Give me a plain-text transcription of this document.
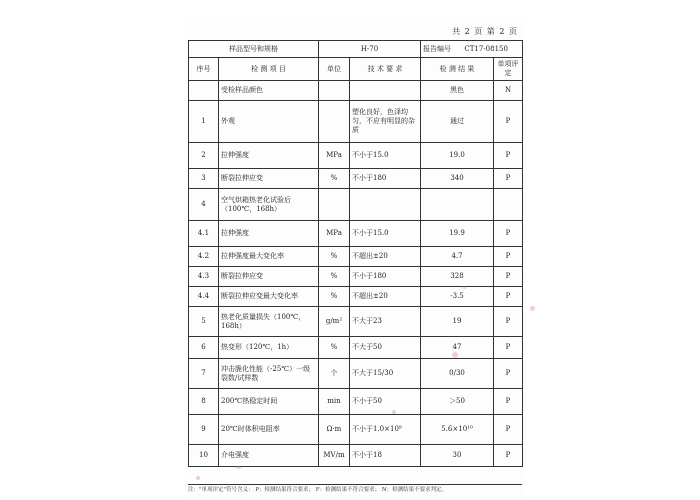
共 2 页 第 2 页
样品型号和规格		H-70		报告编号 CT17-08150	
序号	检 测 项 目	单位	技 术 要 求	检 测 结 果	单项评定
	受检样品颜色			黑色	N
1	外观		塑化良好，色泽均匀，不应有明显的杂质	通过	P
2	拉伸强度	MPa	不小于15.0	19.0	P
3	断裂拉伸应变	%	不小于180	340	P
4	空气烘箱热老化试验后（100℃，168h）				
4.1	拉伸强度	MPa	不小于15.0	19.9	P
4.2	拉伸强度最大变化率	%	不超出±20	4.7	P
4.3	断裂拉伸应变	%	不小于180	328	P
4.4	断裂拉伸应变最大变化率	%	不超出±20	-3.5	P
5	热老化质量损失（100℃，168h）	g/m²	不大于23	19	P
6	热变形（120℃，1h）	%	不大于50	47	P
7	冲击脆化性能（-25℃）一级裂数/试样数	个	不大于15/30	0/30	P
8	200℃热稳定时间	min	不小于50	＞50	P
9	20℃时体积电阻率	Ω·m	不小于1.0×10⁹	5.6×10¹⁰	P
10	介电强度	MV/m	不小于18	30	P
注："单项评定"符号含义： P：检测结果符合要求； F：检测结果不符合要求； N：检测结果不要求判定。
